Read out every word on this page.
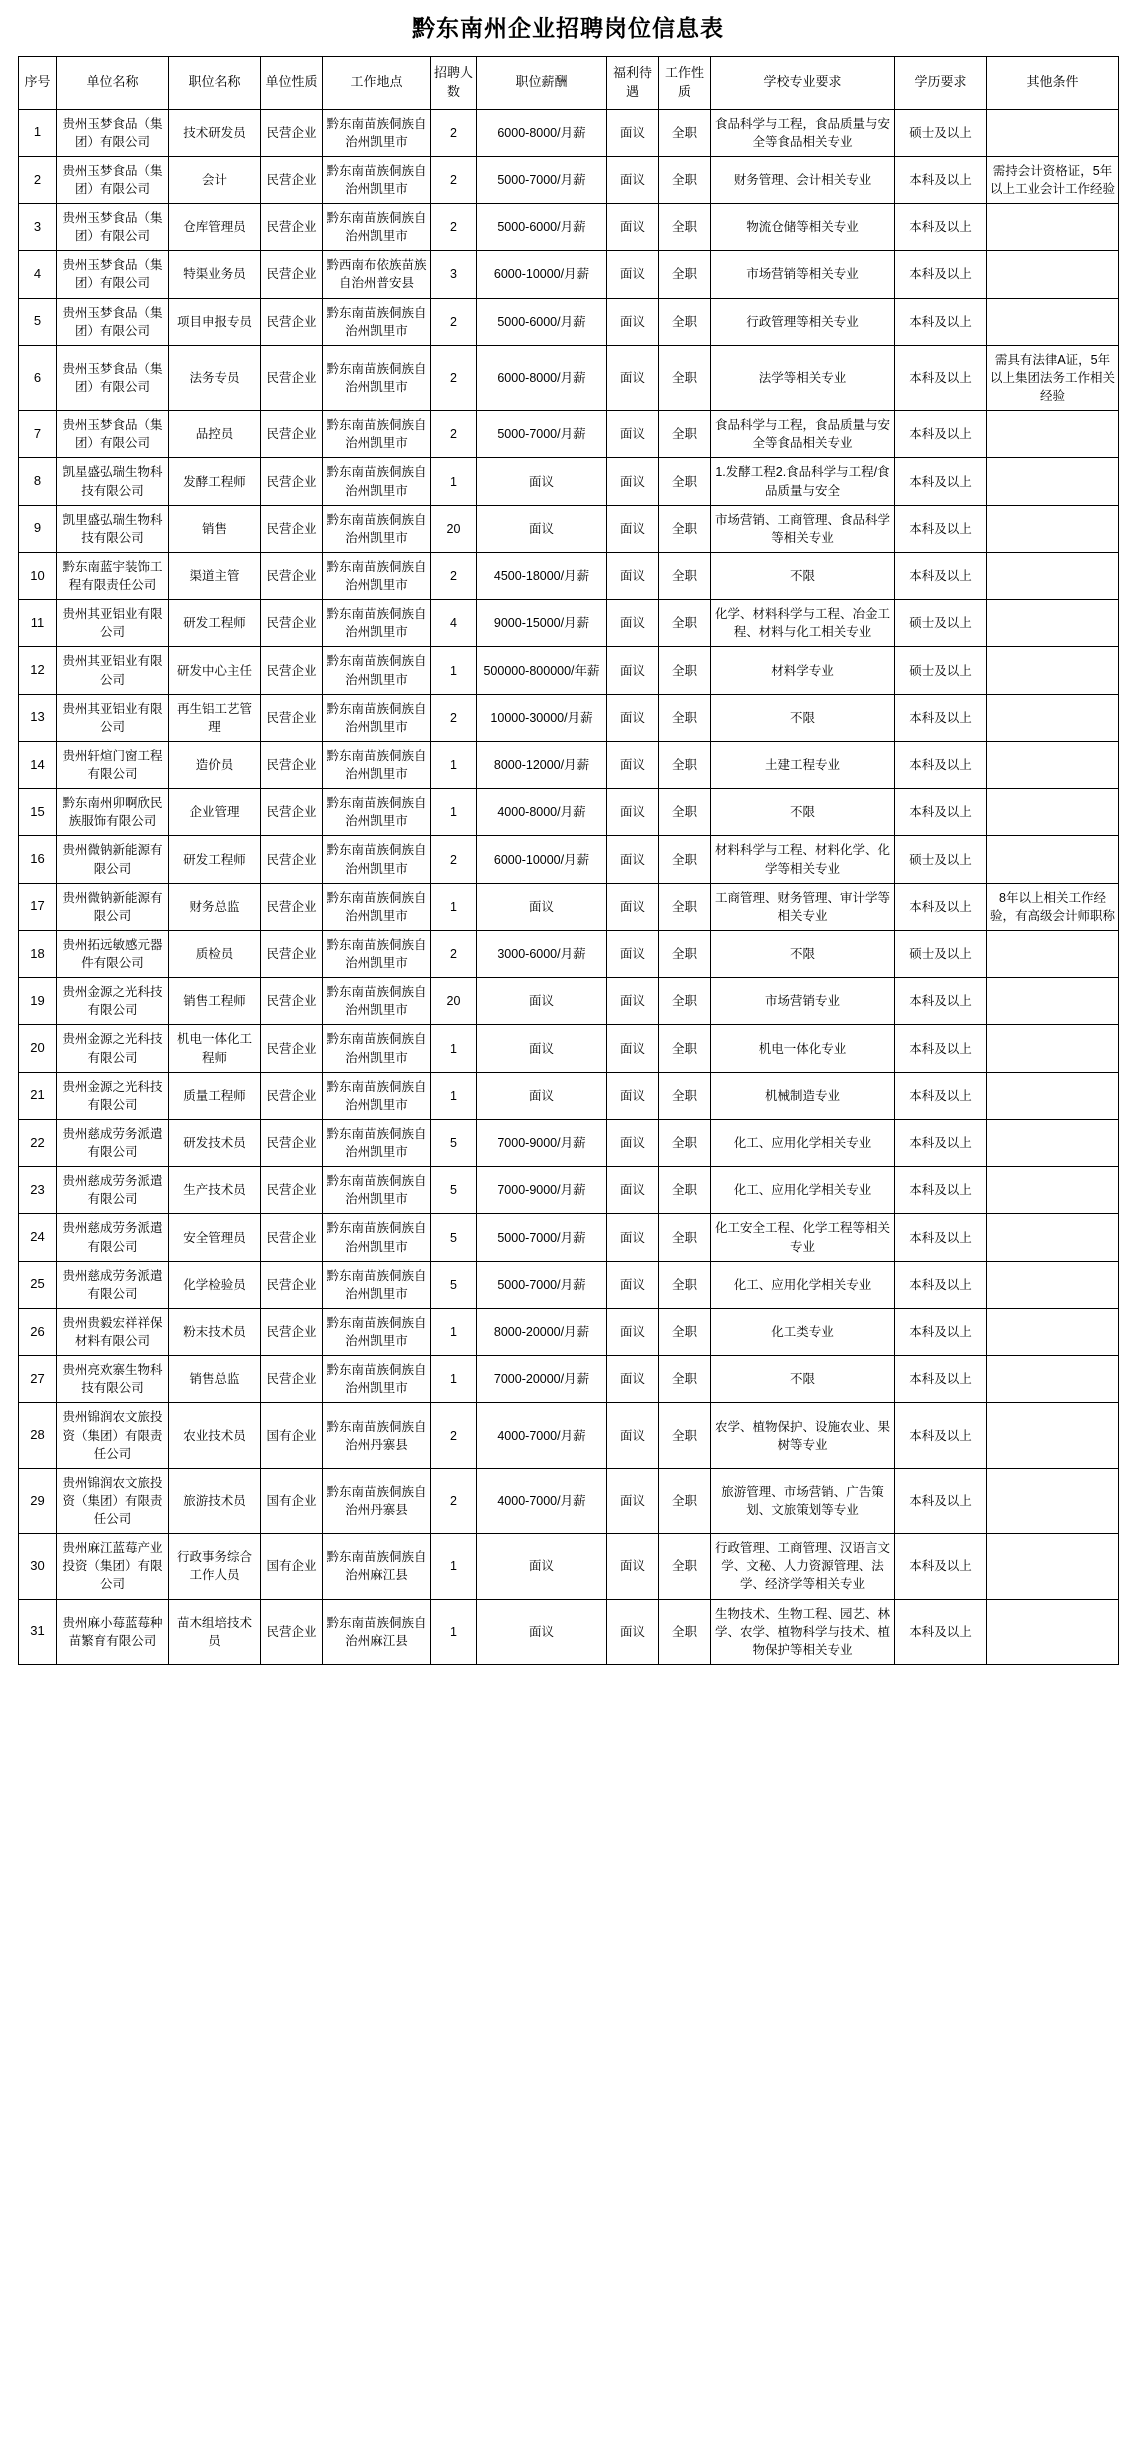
黔东南州企业招聘岗位信息表
序号	单位名称	职位名称	单位性质	工作地点	招聘人数	职位薪酬	福利待遇	工作性质	学校专业要求	学历要求	其他条件
1	贵州玉梦食品（集团）有限公司	技术研发员	民营企业	黔东南苗族侗族自治州凯里市	2	6000-8000/月薪	面议	全职	食品科学与工程，食品质量与安全等食品相关专业	硕士及以上	
2	贵州玉梦食品（集团）有限公司	会计	民营企业	黔东南苗族侗族自治州凯里市	2	5000-7000/月薪	面议	全职	财务管理、会计相关专业	本科及以上	需持会计资格证，5年以上工业会计工作经验
3	贵州玉梦食品（集团）有限公司	仓库管理员	民营企业	黔东南苗族侗族自治州凯里市	2	5000-6000/月薪	面议	全职	物流仓储等相关专业	本科及以上	
4	贵州玉梦食品（集团）有限公司	特渠业务员	民营企业	黔西南布依族苗族自治州普安县	3	6000-10000/月薪	面议	全职	市场营销等相关专业	本科及以上	
5	贵州玉梦食品（集团）有限公司	项目申报专员	民营企业	黔东南苗族侗族自治州凯里市	2	5000-6000/月薪	面议	全职	行政管理等相关专业	本科及以上	
6	贵州玉梦食品（集团）有限公司	法务专员	民营企业	黔东南苗族侗族自治州凯里市	2	6000-8000/月薪	面议	全职	法学等相关专业	本科及以上	需具有法律A证，5年以上集团法务工作相关经验
7	贵州玉梦食品（集团）有限公司	品控员	民营企业	黔东南苗族侗族自治州凯里市	2	5000-7000/月薪	面议	全职	食品科学与工程，食品质量与安全等食品相关专业	本科及以上	
8	凯星盛弘瑞生物科技有限公司	发酵工程师	民营企业	黔东南苗族侗族自治州凯里市	1	面议	面议	全职	1.发酵工程2.食品科学与工程/食品质量与安全	本科及以上	
9	凯里盛弘瑞生物科技有限公司	销售	民营企业	黔东南苗族侗族自治州凯里市	20	面议	面议	全职	市场营销、工商管理、食品科学等相关专业	本科及以上	
10	黔东南蓝宇装饰工程有限责任公司	渠道主管	民营企业	黔东南苗族侗族自治州凯里市	2	4500-18000/月薪	面议	全职	不限	本科及以上	
11	贵州其亚铝业有限公司	研发工程师	民营企业	黔东南苗族侗族自治州凯里市	4	9000-15000/月薪	面议	全职	化学、材料科学与工程、冶金工程、材料与化工相关专业	硕士及以上	
12	贵州其亚铝业有限公司	研发中心主任	民营企业	黔东南苗族侗族自治州凯里市	1	500000-800000/年薪	面议	全职	材料学专业	硕士及以上	
13	贵州其亚铝业有限公司	再生铝工艺管理	民营企业	黔东南苗族侗族自治州凯里市	2	10000-30000/月薪	面议	全职	不限	本科及以上	
14	贵州轩煊门窗工程有限公司	造价员	民营企业	黔东南苗族侗族自治州凯里市	1	8000-12000/月薪	面议	全职	土建工程专业	本科及以上	
15	黔东南州卯啊欣民族服饰有限公司	企业管理	民营企业	黔东南苗族侗族自治州凯里市	1	4000-8000/月薪	面议	全职	不限	本科及以上	
16	贵州微钠新能源有限公司	研发工程师	民营企业	黔东南苗族侗族自治州凯里市	2	6000-10000/月薪	面议	全职	材料科学与工程、材料化学、化学等相关专业	硕士及以上	
17	贵州微钠新能源有限公司	财务总监	民营企业	黔东南苗族侗族自治州凯里市	1	面议	面议	全职	工商管理、财务管理、审计学等相关专业	本科及以上	8年以上相关工作经验，有高级会计师职称
18	贵州拓远敏感元器件有限公司	质检员	民营企业	黔东南苗族侗族自治州凯里市	2	3000-6000/月薪	面议	全职	不限	硕士及以上	
19	贵州金源之光科技有限公司	销售工程师	民营企业	黔东南苗族侗族自治州凯里市	20	面议	面议	全职	市场营销专业	本科及以上	
20	贵州金源之光科技有限公司	机电一体化工程师	民营企业	黔东南苗族侗族自治州凯里市	1	面议	面议	全职	机电一体化专业	本科及以上	
21	贵州金源之光科技有限公司	质量工程师	民营企业	黔东南苗族侗族自治州凯里市	1	面议	面议	全职	机械制造专业	本科及以上	
22	贵州慈成劳务派遣有限公司	研发技术员	民营企业	黔东南苗族侗族自治州凯里市	5	7000-9000/月薪	面议	全职	化工、应用化学相关专业	本科及以上	
23	贵州慈成劳务派遣有限公司	生产技术员	民营企业	黔东南苗族侗族自治州凯里市	5	7000-9000/月薪	面议	全职	化工、应用化学相关专业	本科及以上	
24	贵州慈成劳务派遣有限公司	安全管理员	民营企业	黔东南苗族侗族自治州凯里市	5	5000-7000/月薪	面议	全职	化工安全工程、化学工程等相关专业	本科及以上	
25	贵州慈成劳务派遣有限公司	化学检验员	民营企业	黔东南苗族侗族自治州凯里市	5	5000-7000/月薪	面议	全职	化工、应用化学相关专业	本科及以上	
26	贵州贵毅宏祥祥保材料有限公司	粉末技术员	民营企业	黔东南苗族侗族自治州凯里市	1	8000-20000/月薪	面议	全职	化工类专业	本科及以上	
27	贵州亮欢寨生物科技有限公司	销售总监	民营企业	黔东南苗族侗族自治州凯里市	1	7000-20000/月薪	面议	全职	不限	本科及以上	
28	贵州锦润农文旅投资（集团）有限责任公司	农业技术员	国有企业	黔东南苗族侗族自治州丹寨县	2	4000-7000/月薪	面议	全职	农学、植物保护、设施农业、果树等专业	本科及以上	
29	贵州锦润农文旅投资（集团）有限责任公司	旅游技术员	国有企业	黔东南苗族侗族自治州丹寨县	2	4000-7000/月薪	面议	全职	旅游管理、市场营销、广告策划、文旅策划等专业	本科及以上	
30	贵州麻江蓝莓产业投资（集团）有限公司	行政事务综合工作人员	国有企业	黔东南苗族侗族自治州麻江县	1	面议	面议	全职	行政管理、工商管理、汉语言文学、文秘、人力资源管理、法学、经济学等相关专业	本科及以上	
31	贵州麻小莓蓝莓种苗繁育有限公司	苗木组培技术员	民营企业	黔东南苗族侗族自治州麻江县	1	面议	面议	全职	生物技术、生物工程、园艺、林学、农学、植物科学与技术、植物保护等相关专业	本科及以上	
